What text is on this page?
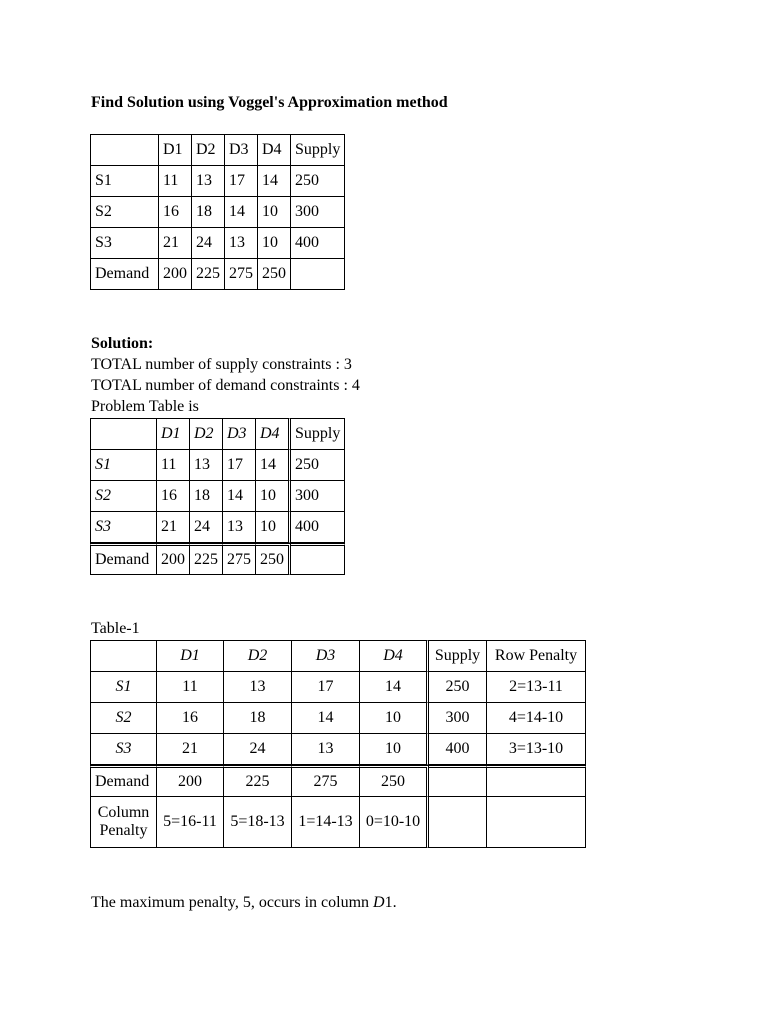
Find Solution using Voggel's Approximation method
	D1	D2	D3	D4	Supply
S1	11	13	17	14	250
S2	16	18	14	10	300
S3	21	24	13	10	400
Demand	200	225	275	250	
Solution:
TOTAL number of supply constraints : 3
TOTAL number of demand constraints : 4
Problem Table is
	D1	D2	D3	D4	Supply
S1	11	13	17	14	250
S2	16	18	14	10	300
S3	21	24	13	10	400
Demand	200	225	275	250	
Table-1
	D1	D2	D3	D4	Supply	Row Penalty
S1	11	13	17	14	250	2=13-11
S2	16	18	14	10	300	4=14-10
S3	21	24	13	10	400	3=13-10
Demand	200	225	275	250		
Column
Penalty	5=16-11	5=18-13	1=14-13	0=10-10		
The maximum penalty, 5, occurs in column D1.
